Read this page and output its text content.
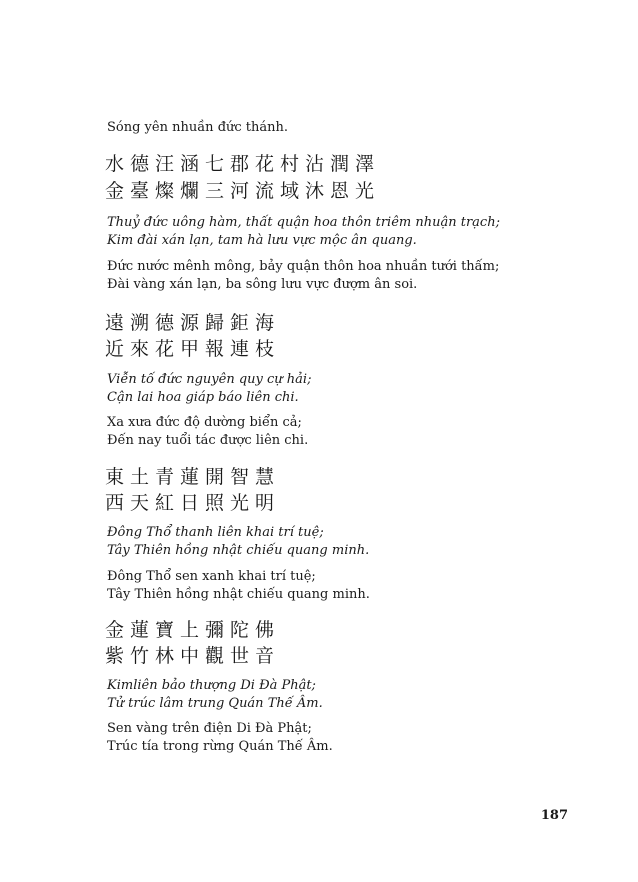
Sóng yên nhuần đức thánh.
水德汪涵七郡花村沾潤澤
金臺燦爛三河流域沐恩光
Thuỷ đức uông hàm, thất quận hoa thôn triêm nhuận trạch;
Kim đài xán lạn, tam hà lưu vực mộc ân quang.
Đức nước mênh mông, bảy quận thôn hoa nhuần tưới thấm;
Đài vàng xán lạn, ba sông lưu vực đượm ân soi.
遠溯德源歸鉅海
近來花甲報連枝
Viễn tố đức nguyên quy cự hải;
Cận lai hoa giáp báo liên chi.
Xa xưa đức độ dường biển cả;
Đến nay tuổi tác được liên chi.
東土青蓮開智慧
西天紅日照光明
Đông Thổ thanh liên khai trí tuệ;
Tây Thiên hồng nhật chiếu quang minh.
Đông Thổ sen xanh khai trí tuệ;
Tây Thiên hồng nhật chiếu quang minh.
金蓮寶上彌陀佛
紫竹林中觀世音
Kimliên bảo thượng Di Đà Phật;
Tử trúc lâm trung Quán Thế Âm.
Sen vàng trên điện Di Đà Phật;
Trúc tía trong rừng Quán Thế Âm.
187
